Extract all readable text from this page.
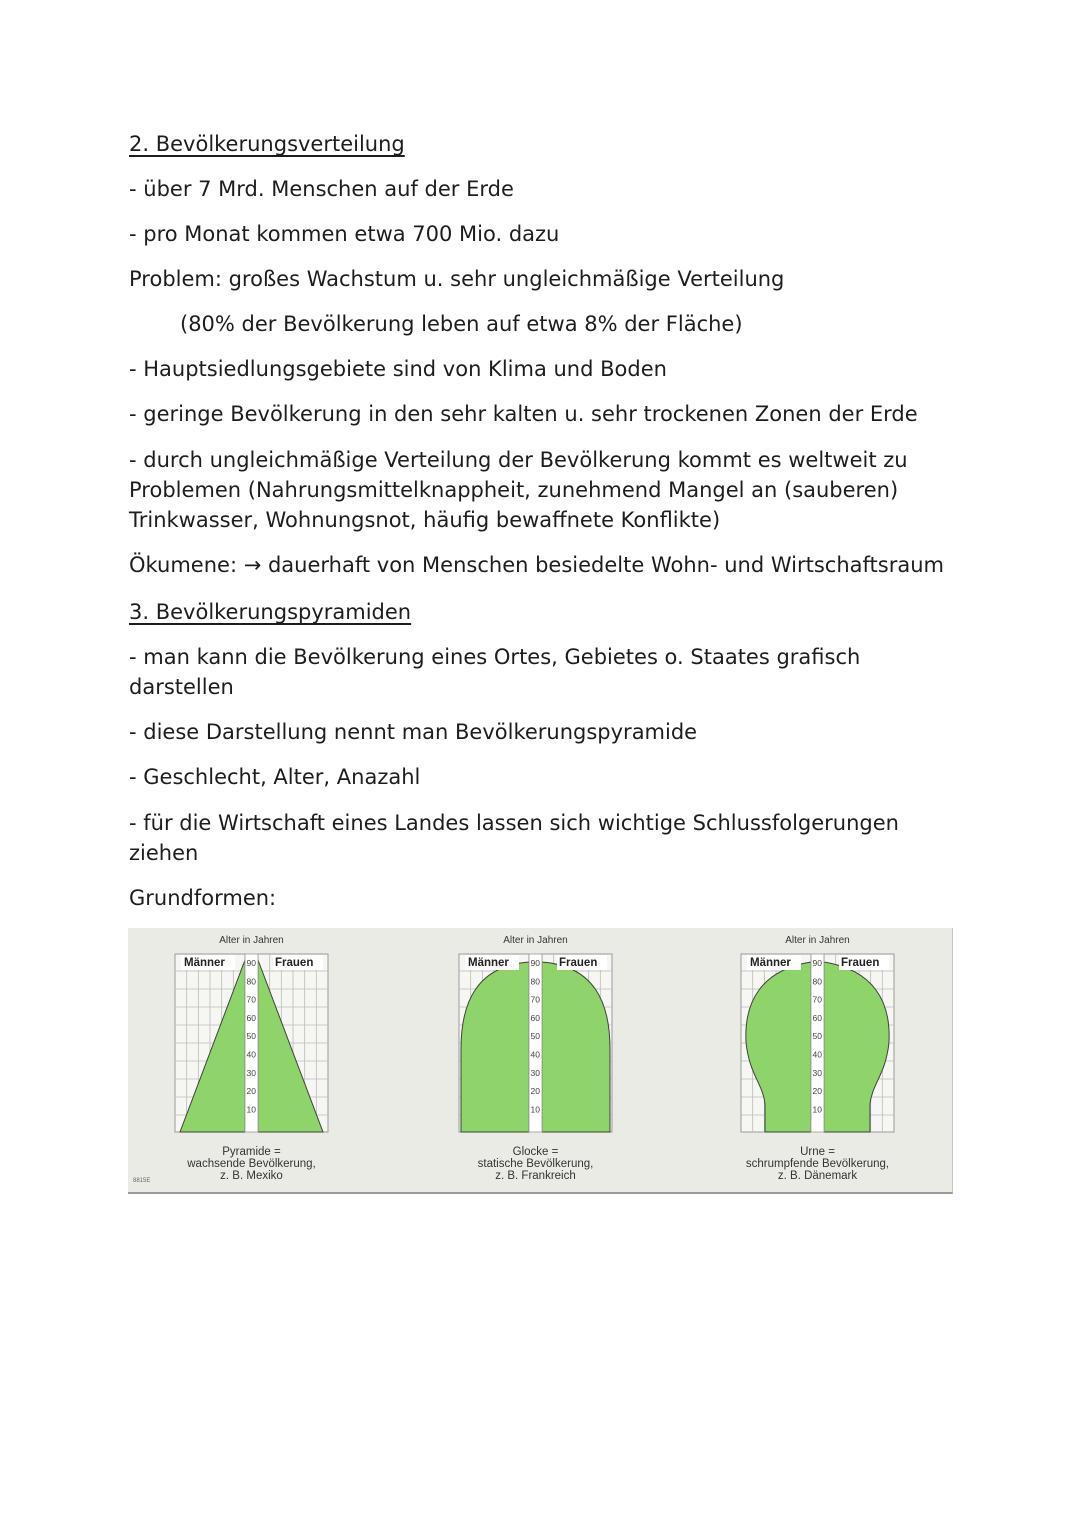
2. Bevölkerungsverteilung
- über 7 Mrd. Menschen auf der Erde
- pro Monat kommen etwa 700 Mio. dazu
Problem: großes Wachstum u. sehr ungleichmäßige Verteilung
(80% der Bevölkerung leben auf etwa 8% der Fläche)
- Hauptsiedlungsgebiete sind von Klima und Boden
- geringe Bevölkerung in den sehr kalten u. sehr trockenen Zonen der Erde
- durch ungleichmäßige Verteilung der Bevölkerung kommt es weltweit zu Problemen (Nahrungsmittelknappheit, zunehmend Mangel an (sauberen) Trinkwasser, Wohnungsnot, häufig bewaffnete Konflikte)
Ökumene: → dauerhaft von Menschen besiedelte Wohn- und Wirtschaftsraum
3. Bevölkerungspyramiden
- man kann die Bevölkerung eines Ortes, Gebietes o. Staates grafisch darstellen
- diese Darstellung nennt man Bevölkerungspyramide
- Geschlecht, Alter, Anazahl
- für die Wirtschaft eines Landes lassen sich wichtige Schlussfolgerungen ziehen
Grundformen:
90
80
70
60
50
40
30
20
10
Männer	Frauen
Alter in Jahren
Pyramide =
wachsende Bevölkerung,
z. B. Mexiko
90
80
70
60
50
40
30
20
10
Männer	Frauen
Alter in Jahren
Glocke =
statische Bevölkerung,
z. B. Frankreich
90
80
70
60
50
40
30
20
10
Männer	Frauen
Alter in Jahren
Urne =
schrumpfende Bevölkerung,
z. B. Dänemark
8815E
